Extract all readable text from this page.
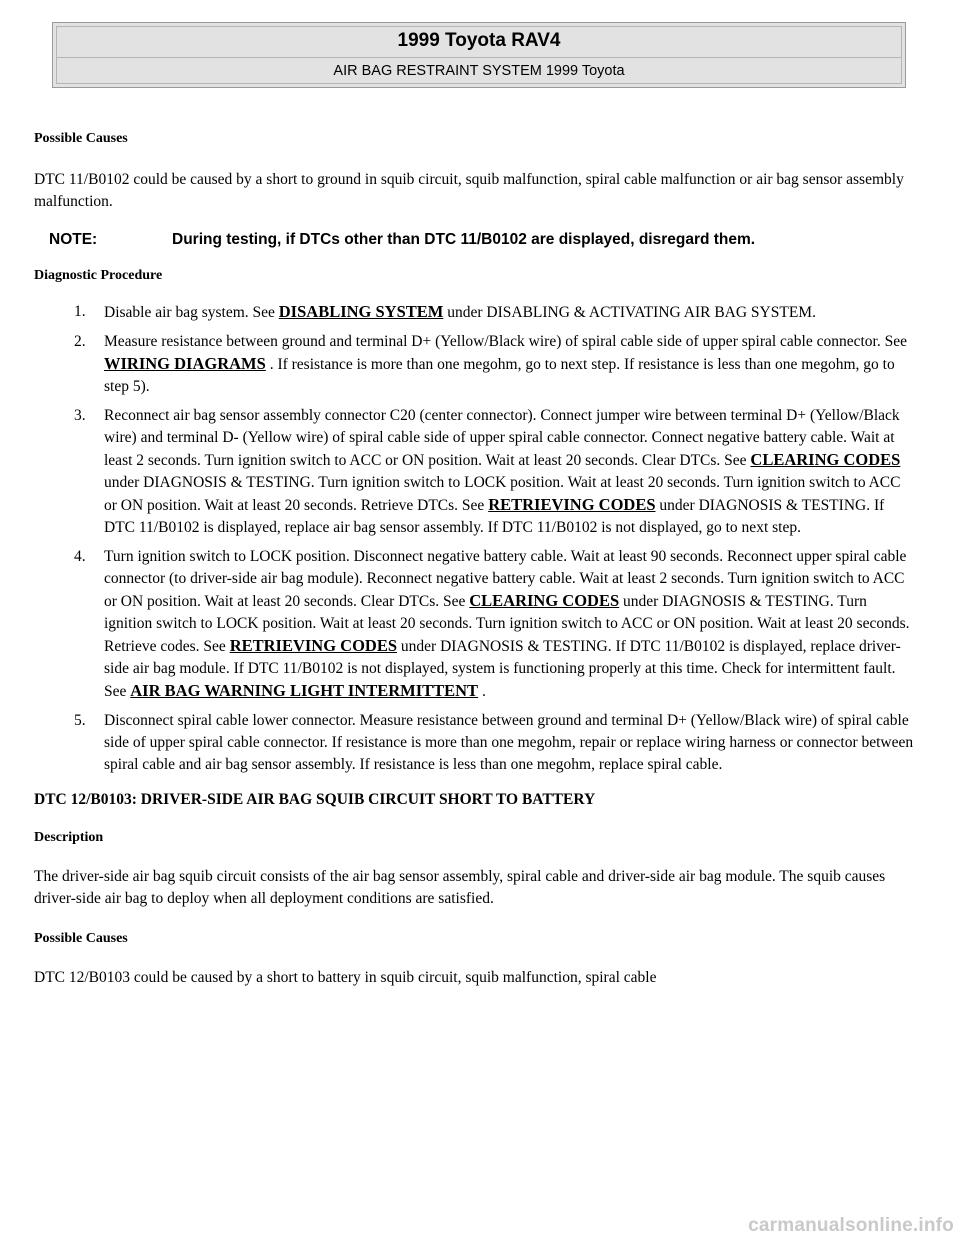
1999 Toyota RAV4
AIR BAG RESTRAINT SYSTEM 1999 Toyota

Possible Causes

DTC 11/B0102 could be caused by a short to ground in squib circuit, squib malfunction, spiral cable malfunction or air bag sensor assembly malfunction.

NOTE:	During testing, if DTCs other than DTC 11/B0102 are displayed, disregard them.

Diagnostic Procedure

1. Disable air bag system. See DISABLING SYSTEM under DISABLING & ACTIVATING AIR BAG SYSTEM.
2. Measure resistance between ground and terminal D+ (Yellow/Black wire) of spiral cable side of upper spiral cable connector. See WIRING DIAGRAMS . If resistance is more than one megohm, go to next step. If resistance is less than one megohm, go to step 5).
3. Reconnect air bag sensor assembly connector C20 (center connector). Connect jumper wire between terminal D+ (Yellow/Black wire) and terminal D- (Yellow wire) of spiral cable side of upper spiral cable connector. Connect negative battery cable. Wait at least 2 seconds. Turn ignition switch to ACC or ON position. Wait at least 20 seconds. Clear DTCs. See CLEARING CODES under DIAGNOSIS & TESTING. Turn ignition switch to LOCK position. Wait at least 20 seconds. Turn ignition switch to ACC or ON position. Wait at least 20 seconds. Retrieve DTCs. See RETRIEVING CODES under DIAGNOSIS & TESTING. If DTC 11/B0102 is displayed, replace air bag sensor assembly. If DTC 11/B0102 is not displayed, go to next step.
4. Turn ignition switch to LOCK position. Disconnect negative battery cable. Wait at least 90 seconds. Reconnect upper spiral cable connector (to driver-side air bag module). Reconnect negative battery cable. Wait at least 2 seconds. Turn ignition switch to ACC or ON position. Wait at least 20 seconds. Clear DTCs. See CLEARING CODES under DIAGNOSIS & TESTING. Turn ignition switch to LOCK position. Wait at least 20 seconds. Turn ignition switch to ACC or ON position. Wait at least 20 seconds. Retrieve codes. See RETRIEVING CODES under DIAGNOSIS & TESTING. If DTC 11/B0102 is displayed, replace driver-side air bag module. If DTC 11/B0102 is not displayed, system is functioning properly at this time. Check for intermittent fault. See AIR BAG WARNING LIGHT INTERMITTENT .
5. Disconnect spiral cable lower connector. Measure resistance between ground and terminal D+ (Yellow/Black wire) of spiral cable side of upper spiral cable connector. If resistance is more than one megohm, repair or replace wiring harness or connector between spiral cable and air bag sensor assembly. If resistance is less than one megohm, replace spiral cable.

DTC 12/B0103: DRIVER-SIDE AIR BAG SQUIB CIRCUIT SHORT TO BATTERY

Description

The driver-side air bag squib circuit consists of the air bag sensor assembly, spiral cable and driver-side air bag module. The squib causes driver-side air bag to deploy when all deployment conditions are satisfied.

Possible Causes

DTC 12/B0103 could be caused by a short to battery in squib circuit, squib malfunction, spiral cable

carmanualsonline.info
